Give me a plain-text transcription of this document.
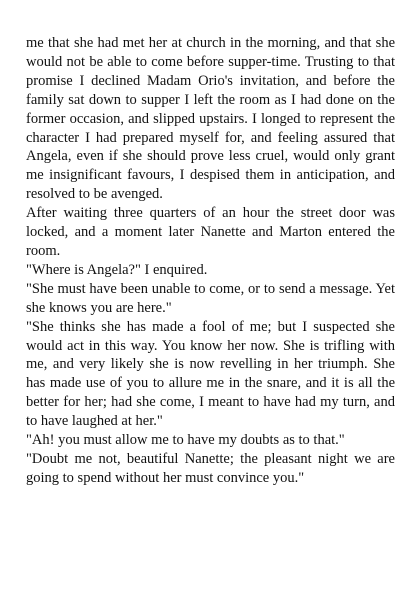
me that she had met her at church in the morning, and that she would not be able to come before supper-time. Trusting to that promise I declined Madam Orio's invitation, and before the family sat down to supper I left the room as I had done on the former occasion, and slipped upstairs. I longed to represent the character I had prepared myself for, and feeling assured that Angela, even if she should prove less cruel, would only grant me insignificant favours, I despised them in anticipation, and resolved to be avenged.

After waiting three quarters of an hour the street door was locked, and a moment later Nanette and Marton entered the room.

"Where is Angela?" I enquired.

"She must have been unable to come, or to send a message. Yet she knows you are here."

"She thinks she has made a fool of me; but I suspected she would act in this way. You know her now. She is trifling with me, and very likely she is now revelling in her triumph. She has made use of you to allure me in the snare, and it is all the better for her; had she come, I meant to have had my turn, and to have laughed at her."

"Ah! you must allow me to have my doubts as to that."

"Doubt me not, beautiful Nanette; the pleasant night we are going to spend without her must convince you."
